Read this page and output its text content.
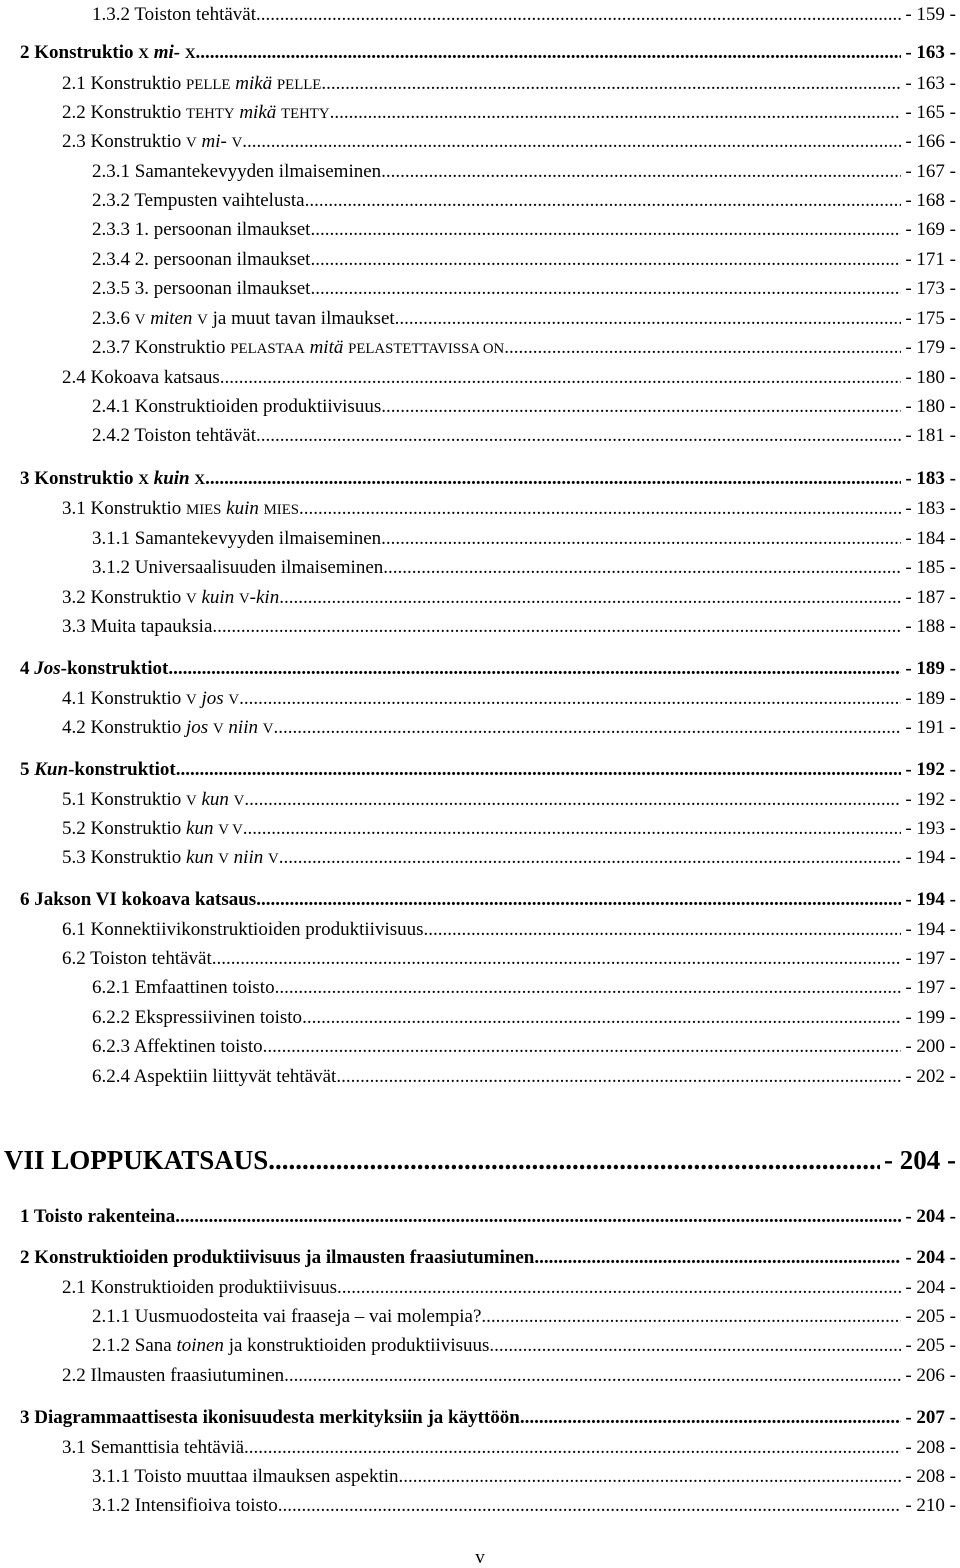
1.3.2 Toiston tehtävät .....	- 159 -
2 Konstruktio X mi- X .....	- 163 -
2.1 Konstruktio PELLE mikä PELLE .....	- 163 -
2.2 Konstruktio TEHTY mikä TEHTY .....	- 165 -
2.3 Konstruktio V mi- V .....	- 166 -
2.3.1 Samantekevyyden ilmaiseminen .....	- 167 -
2.3.2 Tempusten vaihtelusta .....	- 168 -
2.3.3 1. persoonan ilmaukset .....	- 169 -
2.3.4 2. persoonan ilmaukset .....	- 171 -
2.3.5 3. persoonan ilmaukset .....	- 173 -
2.3.6 V miten V ja muut tavan ilmaukset .....	- 175 -
2.3.7 Konstruktio PELASTAA mitä PELASTETTAVISSA ON .....	- 179 -
2.4 Kokoava katsaus .....	- 180 -
2.4.1 Konstruktioiden produktiivisuus .....	- 180 -
2.4.2 Toiston tehtävät .....	- 181 -
3 Konstruktio X kuin X .....	- 183 -
3.1 Konstruktio MIES kuin MIES .....	- 183 -
3.1.1 Samantekevyyden ilmaiseminen .....	- 184 -
3.1.2 Universaalisuuden ilmaiseminen .....	- 185 -
3.2 Konstruktio V kuin V-kin .....	- 187 -
3.3 Muita tapauksia .....	- 188 -
4 Jos-konstruktiot .....	- 189 -
4.1 Konstruktio V jos V .....	- 189 -
4.2 Konstruktio jos V niin V .....	- 191 -
5 Kun-konstruktiot .....	- 192 -
5.1 Konstruktio V kun V .....	- 192 -
5.2 Konstruktio kun V V .....	- 193 -
5.3 Konstruktio kun V niin V .....	- 194 -
6 Jakson VI kokoava katsaus .....	- 194 -
6.1 Konnektiivikonstruktioiden produktiivisuus .....	- 194 -
6.2 Toiston tehtävät .....	- 197 -
6.2.1 Emfaattinen toisto .....	- 197 -
6.2.2 Ekspressiivinen toisto .....	- 199 -
6.2.3 Affektinen toisto .....	- 200 -
6.2.4 Aspektiin liittyvät tehtävät .....	- 202 -
VII LOPPUKATSAUS .....	- 204 -
1 Toisto rakenteina .....	- 204 -
2 Konstruktioiden produktiivisuus ja ilmausten fraasiutuminen .....	- 204 -
2.1 Konstruktioiden produktiivisuus .....	- 204 -
2.1.1 Uusmuodosteita vai fraaseja – vai molempia? .....	- 205 -
2.1.2 Sana toinen ja konstruktioiden produktiivisuus .....	- 205 -
2.2 Ilmausten fraasiutuminen .....	- 206 -
3 Diagrammaattisesta ikonisuudesta merkityksiin ja käyttöön .....	- 207 -
3.1 Semanttisia tehtäviä .....	- 208 -
3.1.1 Toisto muuttaa ilmauksen aspektin .....	- 208 -
3.1.2 Intensifioiva toisto .....	- 210 -
v
